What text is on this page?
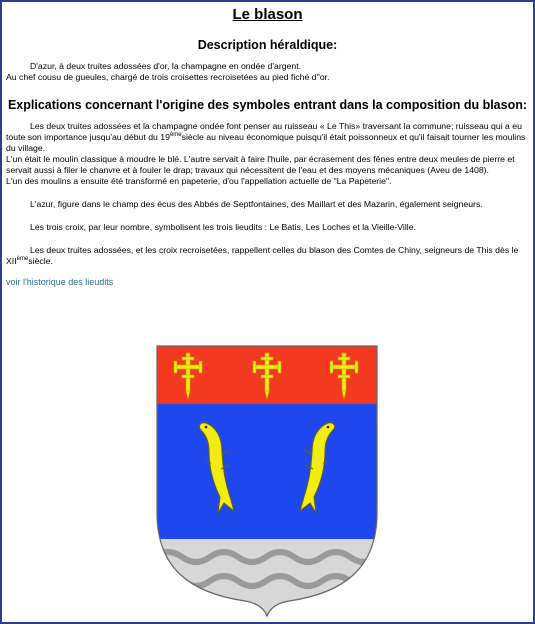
Le blason
Description héraldique:

D'azur, à deux truites adossées d'or, la champagne en ondée d'argent.

Au chef cousu de gueules, chargé de trois croisettes recroisetées au pied fiché d''or.

Explications concernant l'origine des symboles entrant dans la composition du blason:

Les deux truites adossées et la champagne ondée font penser au ruisseau « Le This» traversant la commune; ruisseau qui a eu toute son importance jusqu'au début du 19èmesiècle au niveau économique puisqu'il était poissonneux et qu'il faisait tourner les moulins du village.

L'un était le moulin classique à moudre le blé. L'autre servait à faire l'huile, par écrasement des fênes entre deux meules de pierre et servait aussi à filer le chanvre et à fouler le drap; travaux qui nécessitent de l'eau et des moyens mécaniques (Aveu de 1408).

L'un des moulins a ensuite été transformé en papeterie, d'ou l'appellation actuelle de "La Papeterie".

L'azur, figure dans le champ des écus des Abbés de Septfontaines, des Maillart et des Mazarin, également seigneurs.

Les trois croix, par leur nombre, symbolisent les trois lieudits : Le Batis, Les Loches et la Vieille-Ville.

Les deux truites adossées, et les croix recroisetées, rappellent celles du blason des Comtes de Chiny, seigneurs de This dès le XIIèmesiècle.

voir l'historique des lieudits
